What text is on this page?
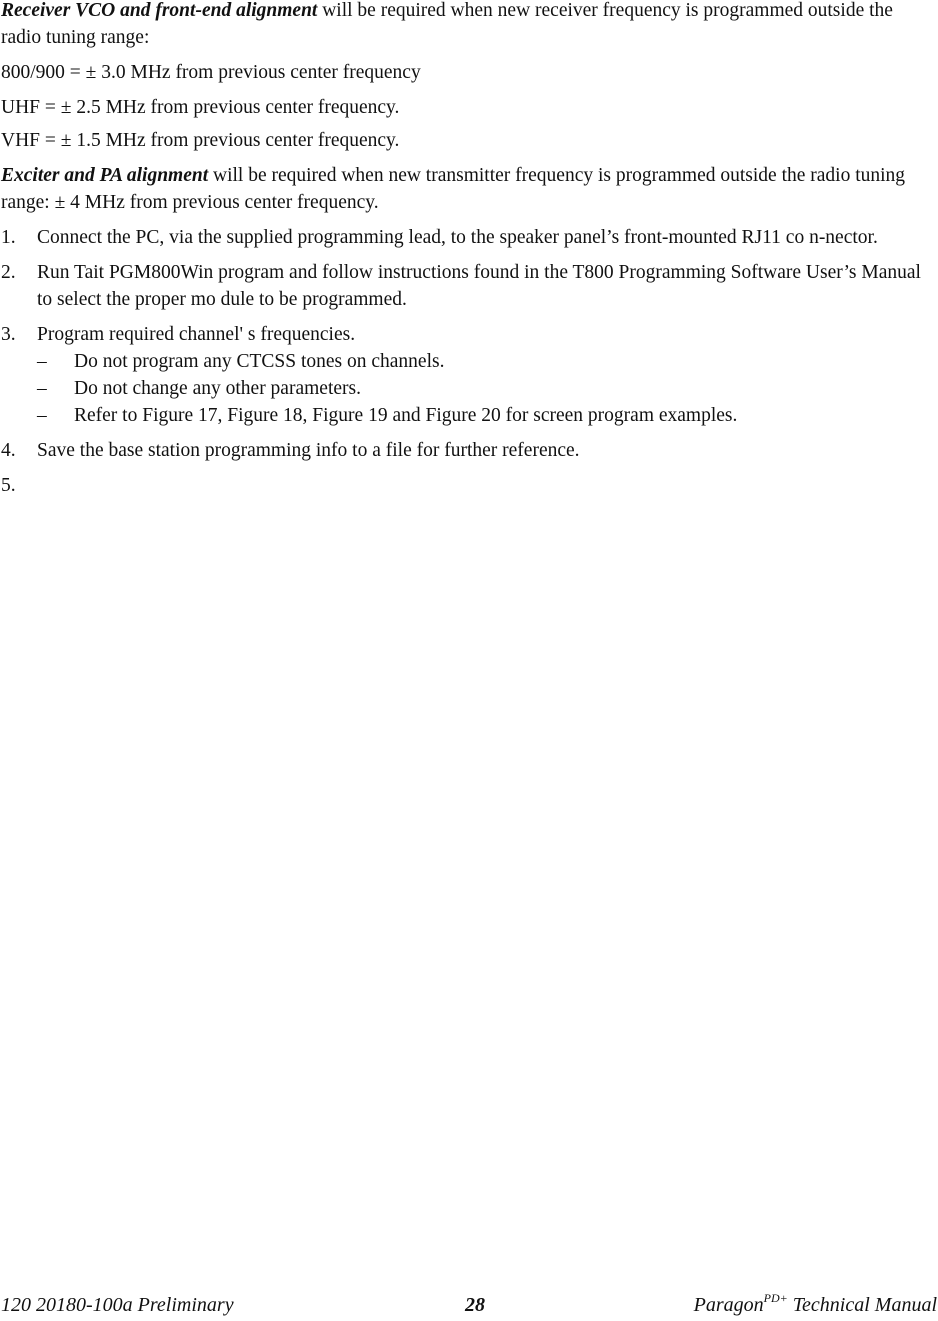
Receiver VCO and front-end alignment will be required when new receiver frequency is programmed outside the radio tuning range:

800/900 = ± 3.0 MHz from previous center frequency

UHF = ± 2.5 MHz from previous center frequency.

VHF = ± 1.5 MHz from previous center frequency.

Exciter and PA alignment will be required when new transmitter frequency is programmed outside the radio tuning range: ± 4 MHz from previous center frequency.

1. Connect the PC, via the supplied programming lead, to the speaker panel’s front-mounted RJ11 co n-nector.
2. Run Tait PGM800Win program and follow instructions found in the T800 Programming Software User’s Manual to select the proper mo dule to be programmed.
3. Program required channel' s frequencies.
– Do not program any CTCSS tones on channels.
– Do not change any other parameters.
– Refer to Figure 17, Figure 18, Figure 19 and Figure 20 for screen program examples.
4. Save the base station programming info to a file for further reference.
5.
120 20180-100a Preliminary	28	Paragon$^{PD+}$ Technical Manual
